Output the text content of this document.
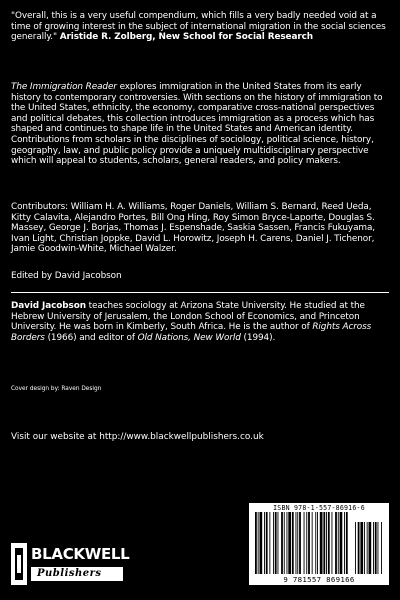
"Overall, this is a very useful compendium, which fills a very badly needed void at a time of growing interest in the subject of international migration in the social sciences generally." Aristide R. Zolberg, New School for Social Research
The Immigration Reader explores immigration in the United States from its early history to contemporary controversies. With sections on the history of immigration to the United States, ethnicity, the economy, comparative cross-national perspectives and political debates, this collection introduces immigration as a process which has shaped and continues to shape life in the United States and American identity. Contributions from scholars in the disciplines of sociology, political science, history, geography, law, and public policy provide a uniquely multidisciplinary perspective which will appeal to students, scholars, general readers, and policy makers.
Contributors: William H. A. Williams, Roger Daniels, William S. Bernard, Reed Ueda, Kitty Calavita, Alejandro Portes, Bill Ong Hing, Roy Simon Bryce-Laporte, Douglas S. Massey, George J. Borjas, Thomas J. Espenshade, Saskia Sassen, Francis Fukuyama, Ivan Light, Christian Joppke, David L. Horowitz, Joseph H. Carens, Daniel J. Tichenor, Jamie Goodwin-White, Michael Walzer.
Edited by David Jacobson
David Jacobson teaches sociology at Arizona State University. He studied at the Hebrew University of Jerusalem, the London School of Economics, and Princeton University. He was born in Kimberly, South Africa. He is the author of Rights Across Borders (1966) and editor of Old Nations, New World (1994).
Cover design by: Raven Design
Visit our website at http://www.blackwellpublishers.co.uk
ISBN 978-1-557-86916-6
9 781557 869166
BLACKWELL
Publishers
